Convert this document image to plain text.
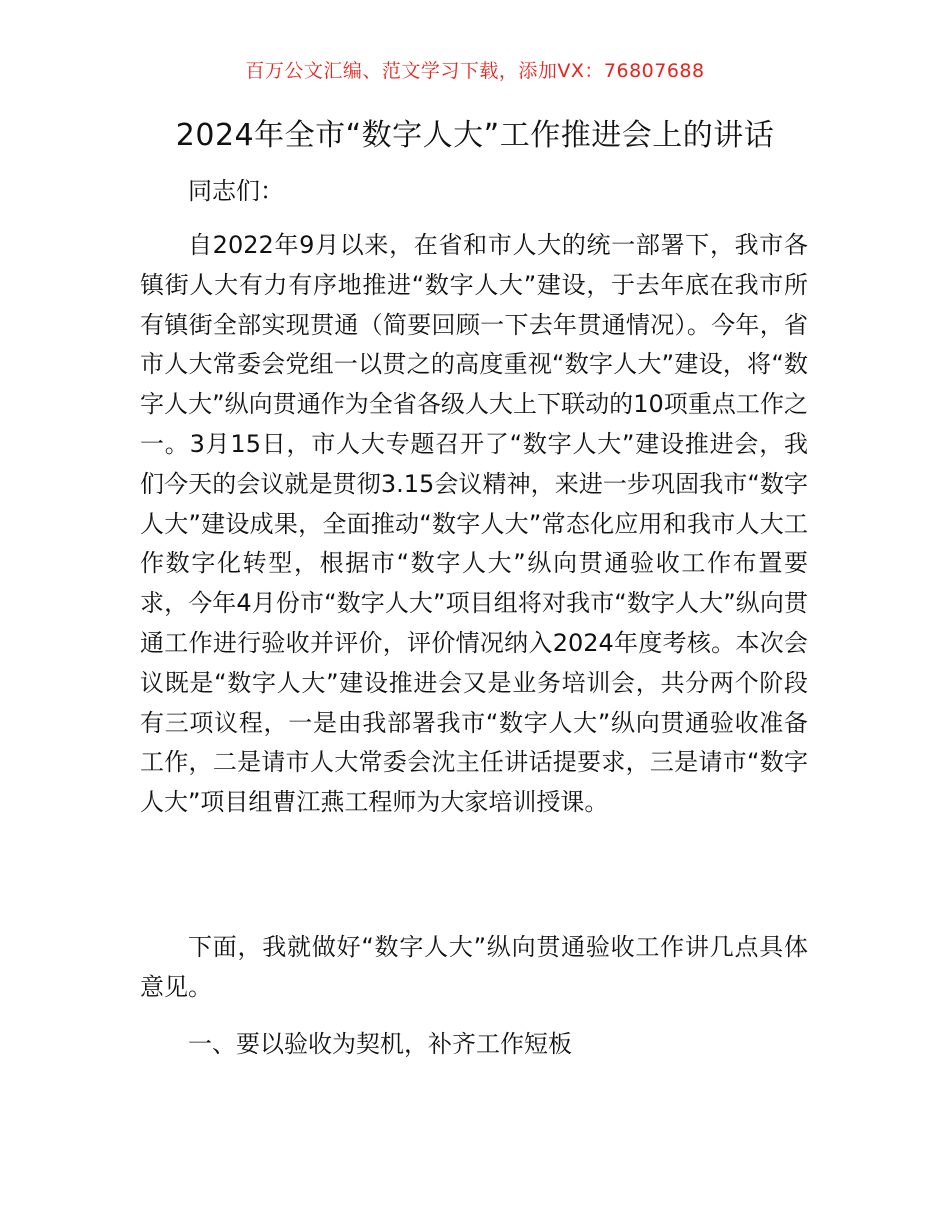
百万公文汇编、范文学习下载，添加VX：76807688
2024年全市“数字人大”工作推进会上的讲话
同志们：
自2022年9月以来，在省和市人大的统一部署下，我市各镇街人大有力有序地推进“数字人大”建设，于去年底在我市所有镇街全部实现贯通（简要回顾一下去年贯通情况）。今年，省市人大常委会党组一以贯之的高度重视“数字人大”建设，将“数字人大”纵向贯通作为全省各级人大上下联动的10项重点工作之一。3月15日，市人大专题召开了“数字人大”建设推进会，我们今天的会议就是贯彻3.15会议精神，来进一步巩固我市“数字人大”建设成果，全面推动“数字人大”常态化应用和我市人大工作数字化转型，根据市“数字人大”纵向贯通验收工作布置要求，今年4月份市“数字人大”项目组将对我市“数字人大”纵向贯通工作进行验收并评价，评价情况纳入2024年度考核。本次会议既是“数字人大”建设推进会又是业务培训会，共分两个阶段有三项议程，一是由我部署我市“数字人大”纵向贯通验收准备工作，二是请市人大常委会沈主任讲话提要求，三是请市“数字人大”项目组曹江燕工程师为大家培训授课。
下面，我就做好“数字人大”纵向贯通验收工作讲几点具体意见。
一、要以验收为契机，补齐工作短板
